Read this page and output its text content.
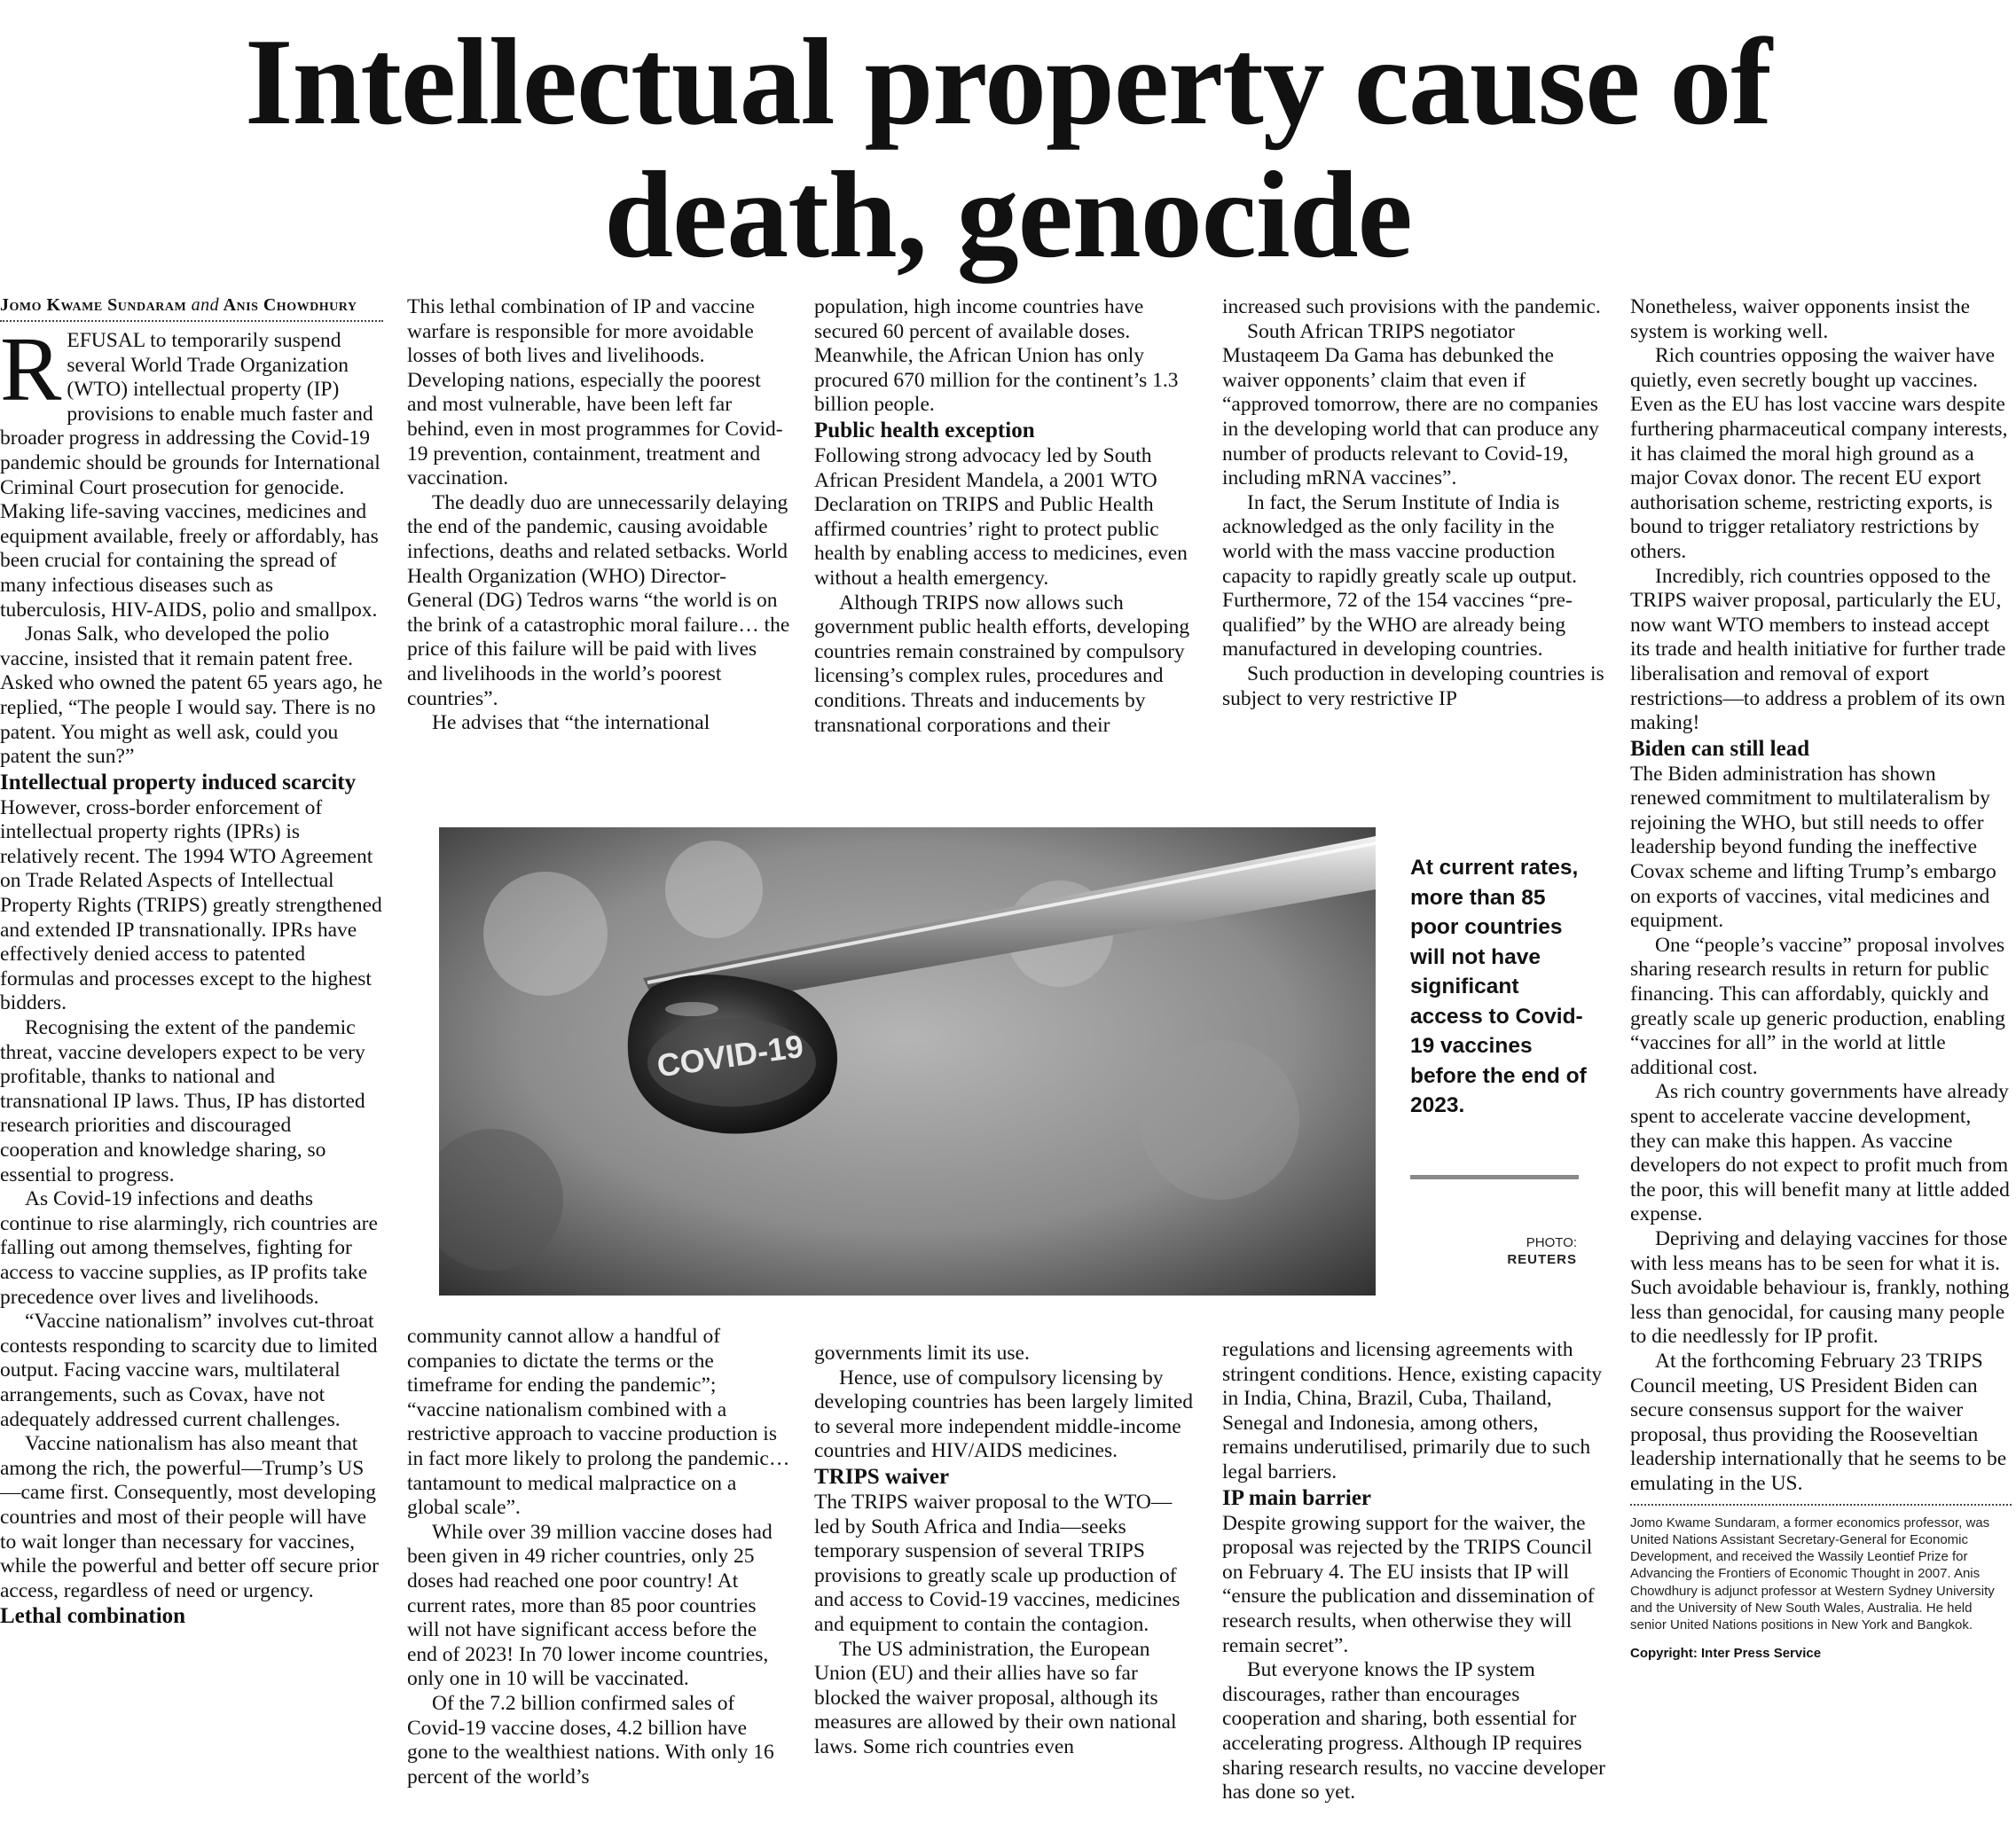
Intellectual property cause of
death, genocide
Jomo Kwame Sundaram and Anis Chowdhury

REFUSAL to temporarily suspend several World Trade Organization (WTO) intellectual property (IP) provisions to enable much faster and broader progress in addressing the Covid-19 pandemic should be grounds for International Criminal Court prosecution for genocide. Making life-saving vaccines, medicines and equipment available, freely or affordably, has been crucial for containing the spread of many infectious diseases such as tuberculosis, HIV-AIDS, polio and smallpox.

Jonas Salk, who developed the polio vaccine, insisted that it remain patent free. Asked who owned the patent 65 years ago, he replied, “The people I would say. There is no patent. You might as well ask, could you patent the sun?”

Intellectual property induced scarcity

However, cross-border enforcement of intellectual property rights (IPRs) is relatively recent. The 1994 WTO Agreement on Trade Related Aspects of Intellectual Property Rights (TRIPS) greatly strengthened and extended IP transnationally. IPRs have effectively denied access to patented formulas and processes except to the highest bidders.

Recognising the extent of the pandemic threat, vaccine developers expect to be very profitable, thanks to national and transnational IP laws. Thus, IP has distorted research priorities and discouraged cooperation and knowledge sharing, so essential to progress.

As Covid-19 infections and deaths continue to rise alarmingly, rich countries are falling out among themselves, fighting for access to vaccine supplies, as IP profits take precedence over lives and livelihoods.

“Vaccine nationalism” involves cut-throat contests responding to scarcity due to limited output. Facing vaccine wars, multilateral arrangements, such as Covax, have not adequately addressed current challenges.

Vaccine nationalism has also meant that among the rich, the powerful—Trump’s US—came first. Consequently, most developing countries and most of their people will have to wait longer than necessary for vaccines, while the powerful and better off secure prior access, regardless of need or urgency.

Lethal combination

This lethal combination of IP and vaccine warfare is responsible for more avoidable losses of both lives and livelihoods. Developing nations, especially the poorest and most vulnerable, have been left far behind, even in most programmes for Covid-19 prevention, containment, treatment and vaccination.

The deadly duo are unnecessarily delaying the end of the pandemic, causing avoidable infections, deaths and related setbacks. World Health Organization (WHO) Director-General (DG) Tedros warns “the world is on the brink of a catastrophic moral failure… the price of this failure will be paid with lives and livelihoods in the world’s poorest countries”.

He advises that “the international

population, high income countries have secured 60 percent of available doses. Meanwhile, the African Union has only procured 670 million for the continent’s 1.3 billion people.

Public health exception

Following strong advocacy led by South African President Mandela, a 2001 WTO Declaration on TRIPS and Public Health affirmed countries’ right to protect public health by enabling access to medicines, even without a health emergency.

Although TRIPS now allows such government public health efforts, developing countries remain constrained by compulsory licensing’s complex rules, procedures and conditions. Threats and inducements by transnational corporations and their

increased such provisions with the pandemic.

South African TRIPS negotiator Mustaqeem Da Gama has debunked the waiver opponents’ claim that even if “approved tomorrow, there are no companies in the developing world that can produce any number of products relevant to Covid-19, including mRNA vaccines”.

In fact, the Serum Institute of India is acknowledged as the only facility in the world with the mass vaccine production capacity to rapidly greatly scale up output. Furthermore, 72 of the 154 vaccines “pre-qualified” by the WHO are already being manufactured in developing countries.

Such production in developing countries is subject to very restrictive IP

Nonetheless, waiver opponents insist the system is working well.

Rich countries opposing the waiver have quietly, even secretly bought up vaccines. Even as the EU has lost vaccine wars despite furthering pharmaceutical company interests, it has claimed the moral high ground as a major Covax donor. The recent EU export authorisation scheme, restricting exports, is bound to trigger retaliatory restrictions by others.

Incredibly, rich countries opposed to the TRIPS waiver proposal, particularly the EU, now want WTO members to instead accept its trade and health initiative for further trade liberalisation and removal of export restrictions—to address a problem of its own making!

Biden can still lead

The Biden administration has shown renewed commitment to multilateralism by rejoining the WHO, but still needs to offer leadership beyond funding the ineffective Covax scheme and lifting Trump’s embargo on exports of vaccines, vital medicines and equipment.

One “people’s vaccine” proposal involves sharing research results in return for public financing. This can affordably, quickly and greatly scale up generic production, enabling “vaccines for all” in the world at little additional cost.

As rich country governments have already spent to accelerate vaccine development, they can make this happen. As vaccine developers do not expect to profit much from the poor, this will benefit many at little added expense.

Depriving and delaying vaccines for those with less means has to be seen for what it is. Such avoidable behaviour is, frankly, nothing less than genocidal, for causing many people to die needlessly for IP profit.

At the forthcoming February 23 TRIPS Council meeting, US President Biden can secure consensus support for the waiver proposal, thus providing the Rooseveltian leadership internationally that he seems to be emulating in the US.

Jomo Kwame Sundaram, a former economics professor, was United Nations Assistant Secretary-General for Economic Development, and received the Wassily Leontief Prize for Advancing the Frontiers of Economic Thought in 2007. Anis Chowdhury is adjunct professor at Western Sydney University and the University of New South Wales, Australia. He held senior United Nations positions in New York and Bangkok.
Copyright: Inter Press Service
COVID-19
At current rates, more than 85 poor countries will not have significant access to Covid-19 vaccines before the end of 2023.
PHOTO:
REUTERS

community cannot allow a handful of companies to dictate the terms or the timeframe for ending the pandemic”; “vaccine nationalism combined with a restrictive approach to vaccine production is in fact more likely to prolong the pandemic…tantamount to medical malpractice on a global scale”.

While over 39 million vaccine doses had been given in 49 richer countries, only 25 doses had reached one poor country! At current rates, more than 85 poor countries will not have significant access before the end of 2023! In 70 lower income countries, only one in 10 will be vaccinated.

Of the 7.2 billion confirmed sales of Covid-19 vaccine doses, 4.2 billion have gone to the wealthiest nations. With only 16 percent of the world’s

governments limit its use.

Hence, use of compulsory licensing by developing countries has been largely limited to several more independent middle-income countries and HIV/AIDS medicines.

TRIPS waiver

The TRIPS waiver proposal to the WTO—led by South Africa and India—seeks temporary suspension of several TRIPS provisions to greatly scale up production of and access to Covid-19 vaccines, medicines and equipment to contain the contagion.

The US administration, the European Union (EU) and their allies have so far blocked the waiver proposal, although its measures are allowed by their own national laws. Some rich countries even

regulations and licensing agreements with stringent conditions. Hence, existing capacity in India, China, Brazil, Cuba, Thailand, Senegal and Indonesia, among others, remains underutilised, primarily due to such legal barriers.

IP main barrier

Despite growing support for the waiver, the proposal was rejected by the TRIPS Council on February 4. The EU insists that IP will “ensure the publication and dissemination of research results, when otherwise they will remain secret”.

But everyone knows the IP system discourages, rather than encourages cooperation and sharing, both essential for accelerating progress. Although IP requires sharing research results, no vaccine developer has done so yet.
